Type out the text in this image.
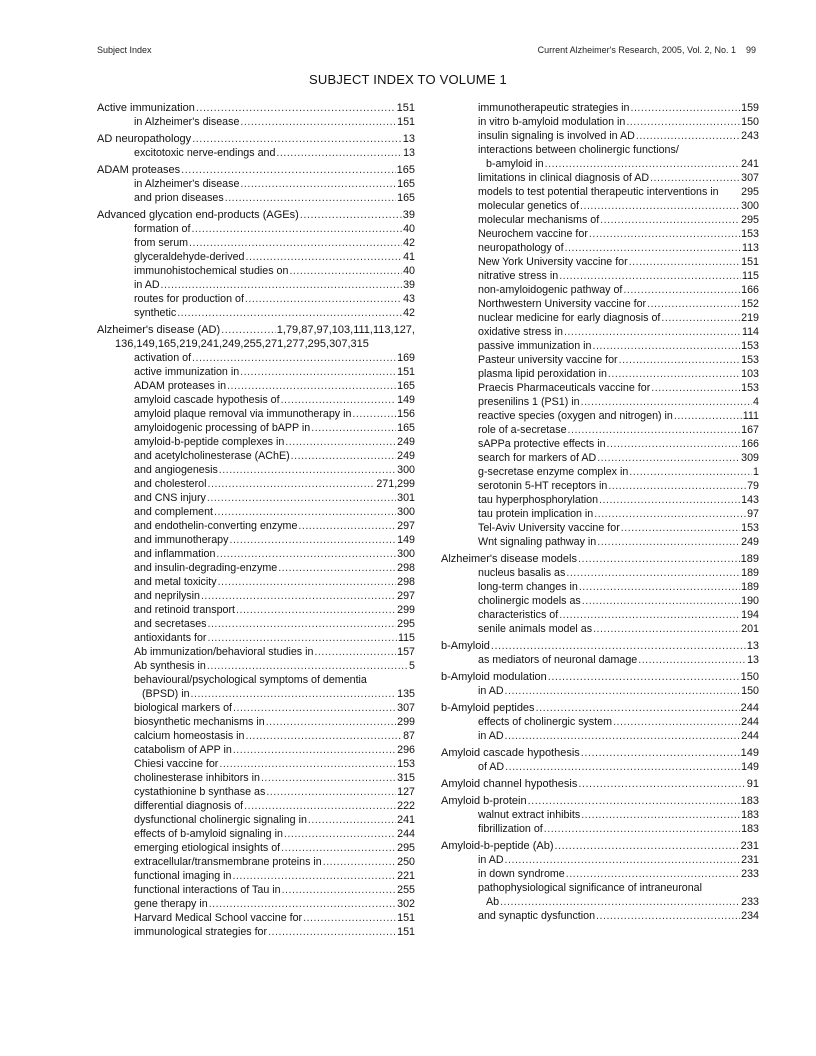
Subject Index	Current Alzheimer's Research, 2005, Vol. 2, No. 1 99
SUBJECT INDEX TO VOLUME 1
Active immunization .....	151
in Alzheimer's disease .....	151
AD neuropathology .....	13
excitotoxic nerve-endings and .....	13
ADAM proteases .....	165
in Alzheimer's disease .....	165
and prion diseases .....	165
Advanced glycation end-products (AGEs) .....	39
formation of .....	40
from serum .....	42
glyceraldehyde-derived .....	41
immunohistochemical studies on .....	40
in AD .....	39
routes for production of .....	43
synthetic .....	42
Alzheimer's disease (AD) .....	1,79,87,97,103,111,113,127,
136,149,165,219,241,249,255,271,277,295,307,315
activation of .....	169
active immunization in .....	151
ADAM proteases in .....	165
amyloid cascade hypothesis of .....	149
amyloid plaque removal via immunotherapy in .....	156
amyloidogenic processing of bAPP in .....	165
amyloid-b-peptide complexes in .....	249
and acetylcholinesterase (AChE) .....	249
and angiogenesis .....	300
and cholesterol .....	271,299
and CNS injury .....	301
and complement .....	300
and endothelin-converting enzyme .....	297
and immunotherapy .....	149
and inflammation .....	300
and insulin-degrading-enzyme .....	298
and metal toxicity .....	298
and neprilysin .....	297
and retinoid transport .....	299
and secretases .....	295
antioxidants for .....	115
Ab immunization/behavioral studies in .....	157
Ab synthesis in .....	5
behavioural/psychological symptoms of dementia
(BPSD) in .....	135
biological markers of .....	307
biosynthetic mechanisms in .....	299
calcium homeostasis in .....	87
catabolism of APP in .....	296
Chiesi vaccine for .....	153
cholinesterase inhibitors in .....	315
cystathionine b synthase as .....	127
differential diagnosis of .....	222
dysfunctional cholinergic signaling in .....	241
effects of b-amyloid signaling in .....	244
emerging etiological insights of .....	295
extracellular/transmembrane proteins in .....	250
functional imaging in .....	221
functional interactions of Tau in .....	255
gene therapy in .....	302
Harvard Medical School vaccine for .....	151
immunological strategies for .....	151
immunotherapeutic strategies in .....	159
in vitro b-amyloid modulation in .....	150
insulin signaling is involved in AD .....	243
interactions between cholinergic functions/
b-amyloid in .....	241
limitations in clinical diagnosis of AD .....	307
models to test potential therapeutic interventions in 295
molecular genetics of .....	300
molecular mechanisms of .....	295
Neurochem vaccine for .....	153
neuropathology of .....	113
New York University vaccine for .....	151
nitrative stress in .....	115
non-amyloidogenic pathway of .....	166
Northwestern University vaccine for .....	152
nuclear medicine for early diagnosis of .....	219
oxidative stress in .....	114
passive immunization in .....	153
Pasteur university vaccine for .....	153
plasma lipid peroxidation in .....	103
Praecis Pharmaceuticals vaccine for .....	153
presenilins 1 (PS1) in .....	4
reactive species (oxygen and nitrogen) in .....	111
role of a-secretase .....	167
sAPPa protective effects in .....	166
search for markers of AD .....	309
g-secretase enzyme complex in .....	1
serotonin 5-HT receptors in .....	79
tau hyperphosphorylation .....	143
tau protein implication in .....	97
Tel-Aviv University vaccine for .....	153
Wnt signaling pathway in .....	249
Alzheimer's disease models .....	189
nucleus basalis as .....	189
long-term changes in .....	189
cholinergic models as .....	190
characteristics of .....	194
senile animals model as .....	201
b-Amyloid .....	13
as mediators of neuronal damage .....	13
b-Amyloid modulation .....	150
in AD .....	150
b-Amyloid peptides .....	244
effects of cholinergic system .....	244
in AD .....	244
Amyloid cascade hypothesis .....	149
of AD .....	149
Amyloid channel hypothesis .....	91
Amyloid b-protein .....	183
walnut extract inhibits .....	183
fibrillization of .....	183
Amyloid-b-peptide (Ab) .....	231
in AD .....	231
in down syndrome .....	233
pathophysiological significance of intraneuronal
Ab .....	233
and synaptic dysfunction .....	234
